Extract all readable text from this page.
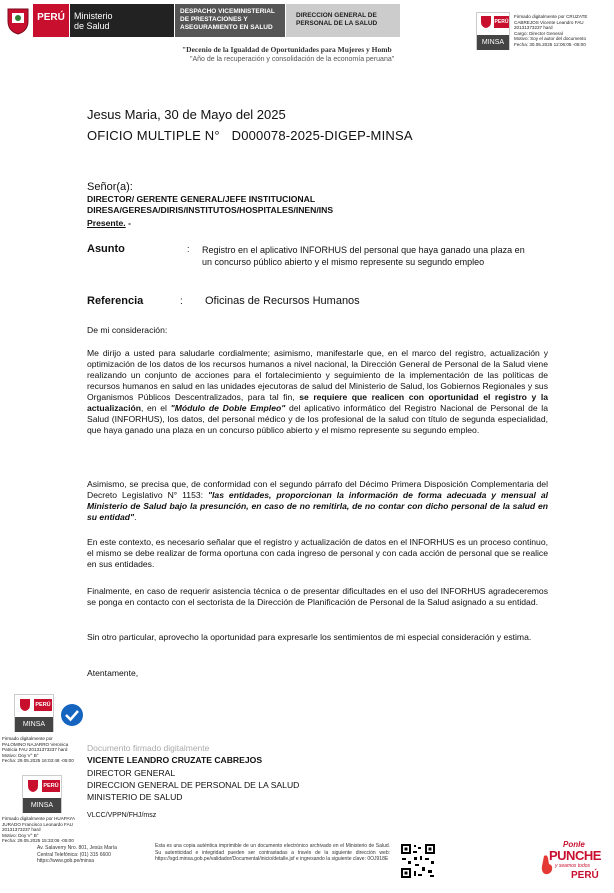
PERÚ	Ministerio
de Salud
DESPACHO VICEMINISTERIAL
DE PRESTACIONES Y
ASEGURAMIENTO EN SALUD
DIRECCION GENERAL DE
PERSONAL DE LA SALUD
"Decenio de la Igualdad de Oportunidades para Mujeres y Homb
"Año de la recuperación y consolidación de la economía peruana"
PERÚ
MINSA
Firmado digitalmente por CRUZATE
CABREJOS Vicente Leandro FAU
20131373237 hard
Cargo: Director General
Motivo: Soy el autor del documento
Fecha: 30.05.2025 12:06:05 -05:00
Jesus Maria, 30 de Mayo del 2025
OFICIO MULTIPLE N° D000078-2025-DIGEP-MINSA
Señor(a):
DIRECTOR/ GERENTE GENERAL/JEFE INSTITUCIONAL
DIRESA/GERESA/DIRIS/INSTITUTOS/HOSPITALES/INEN/INS
Presente. -
Asunto	: Registro en el aplicativo INFORHUS del personal que haya ganado una plaza en un concurso público abierto y el mismo represente su segundo empleo
Referencia	: Oficinas de Recursos Humanos
De mi consideración:
Me dirijo a usted para saludarle cordialmente; asimismo, manifestarle que, en el marco del registro, actualización y optimización de los datos de los recursos humanos a nivel nacional, la Dirección General de Personal de la Salud viene realizando un conjunto de acciones para el fortalecimiento y seguimiento de la implementación de las políticas de recursos humanos en salud en las unidades ejecutoras de salud del Ministerio de Salud, los Gobiernos Regionales y sus Organismos Públicos Descentralizados, para tal fin, se requiere que realicen con oportunidad el registro y la actualización, en el "Módulo de Doble Empleo" del aplicativo informático del Registro Nacional de Personal de la Salud (INFORHUS), los datos, del personal médico y de los profesional de la salud con título de segunda especialidad, que haya ganado una plaza en un concurso público abierto y el mismo represente su segundo empleo.
Asimismo, se precisa que, de conformidad con el segundo párrafo del Décimo Primera Disposición Complementaria del Decreto Legislativo N° 1153: "las entidades, proporcionan la información de forma adecuada y mensual al Ministerio de Salud bajo la presunción, en caso de no remitirla, de no contar con dicho personal de la salud en su entidad".
En este contexto, es necesario señalar que el registro y actualización de datos en el INFORHUS es un proceso continuo, el mismo se debe realizar de forma oportuna con cada ingreso de personal y con cada acción de personal que se realice en sus entidades.
Finalmente, en caso de requerir asistencia técnica o de presentar dificultades en el uso del INFORHUS agradeceremos se ponga en contacto con el sectorista de la Dirección de Planificación de Personal de la Salud asignado a su entidad.
Sin otro particular, aprovecho la oportunidad para expresarle los sentimientos de mi especial consideración y estima.
Atentamente,
PERÚ
MINSA
Firmado digitalmente por
PALOMINO NAJARRO Veronica
Patricia FAU 20131373237 hard
Motivo: Doy V° B°
Fecha: 29.05.2025 16:03:48 -05:00
PERÚ
MINSA
Firmado digitalmente por HUAPAYA
JURADO Francisco Leonardo FAU
20131373237 hard
Motivo: Doy V° B°
Fecha: 29.05.2025 15:33:06 -05:00
Documento firmado digitalmente
VICENTE LEANDRO CRUZATE CABREJOS
DIRECTOR GENERAL
DIRECCION GENERAL DE PERSONAL DE LA SALUD
MINISTERIO DE SALUD
VLCC/VPPN/FHJ/msz
Av. Salaverry Nro. 801, Jesús María
Central Telefónica: (01) 315 6600
https://www.gob.pe/minsa
Esta es una copia auténtica imprimible de un documento electrónico archivado en el Ministerio de Salud. Su autenticidad e integridad pueden ser contrastadas a través de la siguiente dirección web: https://sgd.minsa.gob.pe/validador/Documental/inicio/detalle.jsf e ingresando la siguiente clave: 0OJ918E
Ponle
PUNCHE
y seamos todos
PERÚ
